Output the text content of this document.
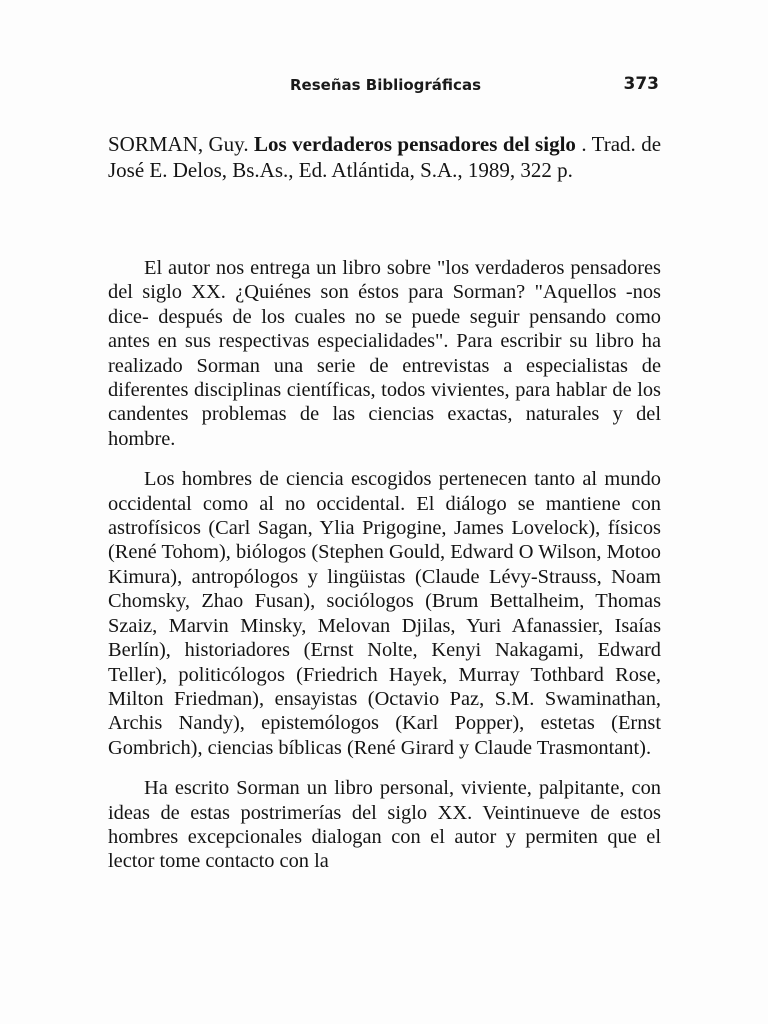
Reseñas Bibliográficas	373
SORMAN, Guy. Los verdaderos pensadores del siglo . Trad. de José E. Delos, Bs.As., Ed. Atlántida, S.A., 1989, 322 p.

El autor nos entrega un libro sobre "los verdaderos pensadores del siglo XX. ¿Quiénes son éstos para Sorman? "Aquellos -nos dice- después de los cuales no se puede seguir pensando como antes en sus respectivas especialidades". Para escribir su libro ha realizado Sorman una serie de entrevistas a especialistas de diferentes disciplinas científicas, todos vivientes, para hablar de los candentes problemas de las ciencias exactas, naturales y del hombre.

Los hombres de ciencia escogidos pertenecen tanto al mundo occidental como al no occidental. El diálogo se mantiene con astrofísicos (Carl Sagan, Ylia Prigogine, James Lovelock), físicos (René Tohom), biólogos (Stephen Gould, Edward O Wilson, Motoo Kimura), antropólogos y lingüistas (Claude Lévy-Strauss, Noam Chomsky, Zhao Fusan), sociólogos (Brum Bettalheim, Thomas Szaiz, Marvin Minsky, Melovan Djilas, Yuri Afanassier, Isaías Berlín), historiadores (Ernst Nolte, Kenyi Nakagami, Edward Teller), politicólogos (Friedrich Hayek, Murray Tothbard Rose, Milton Friedman), ensayistas (Octavio Paz, S.M. Swaminathan, Archis Nandy), epistemólogos (Karl Popper), estetas (Ernst Gombrich), ciencias bíblicas (René Girard y Claude Trasmontant).

Ha escrito Sorman un libro personal, viviente, palpitante, con ideas de estas postrimerías del siglo XX. Veintinueve de estos hombres excepcionales dialogan con el autor y permiten que el lector tome contacto con la
